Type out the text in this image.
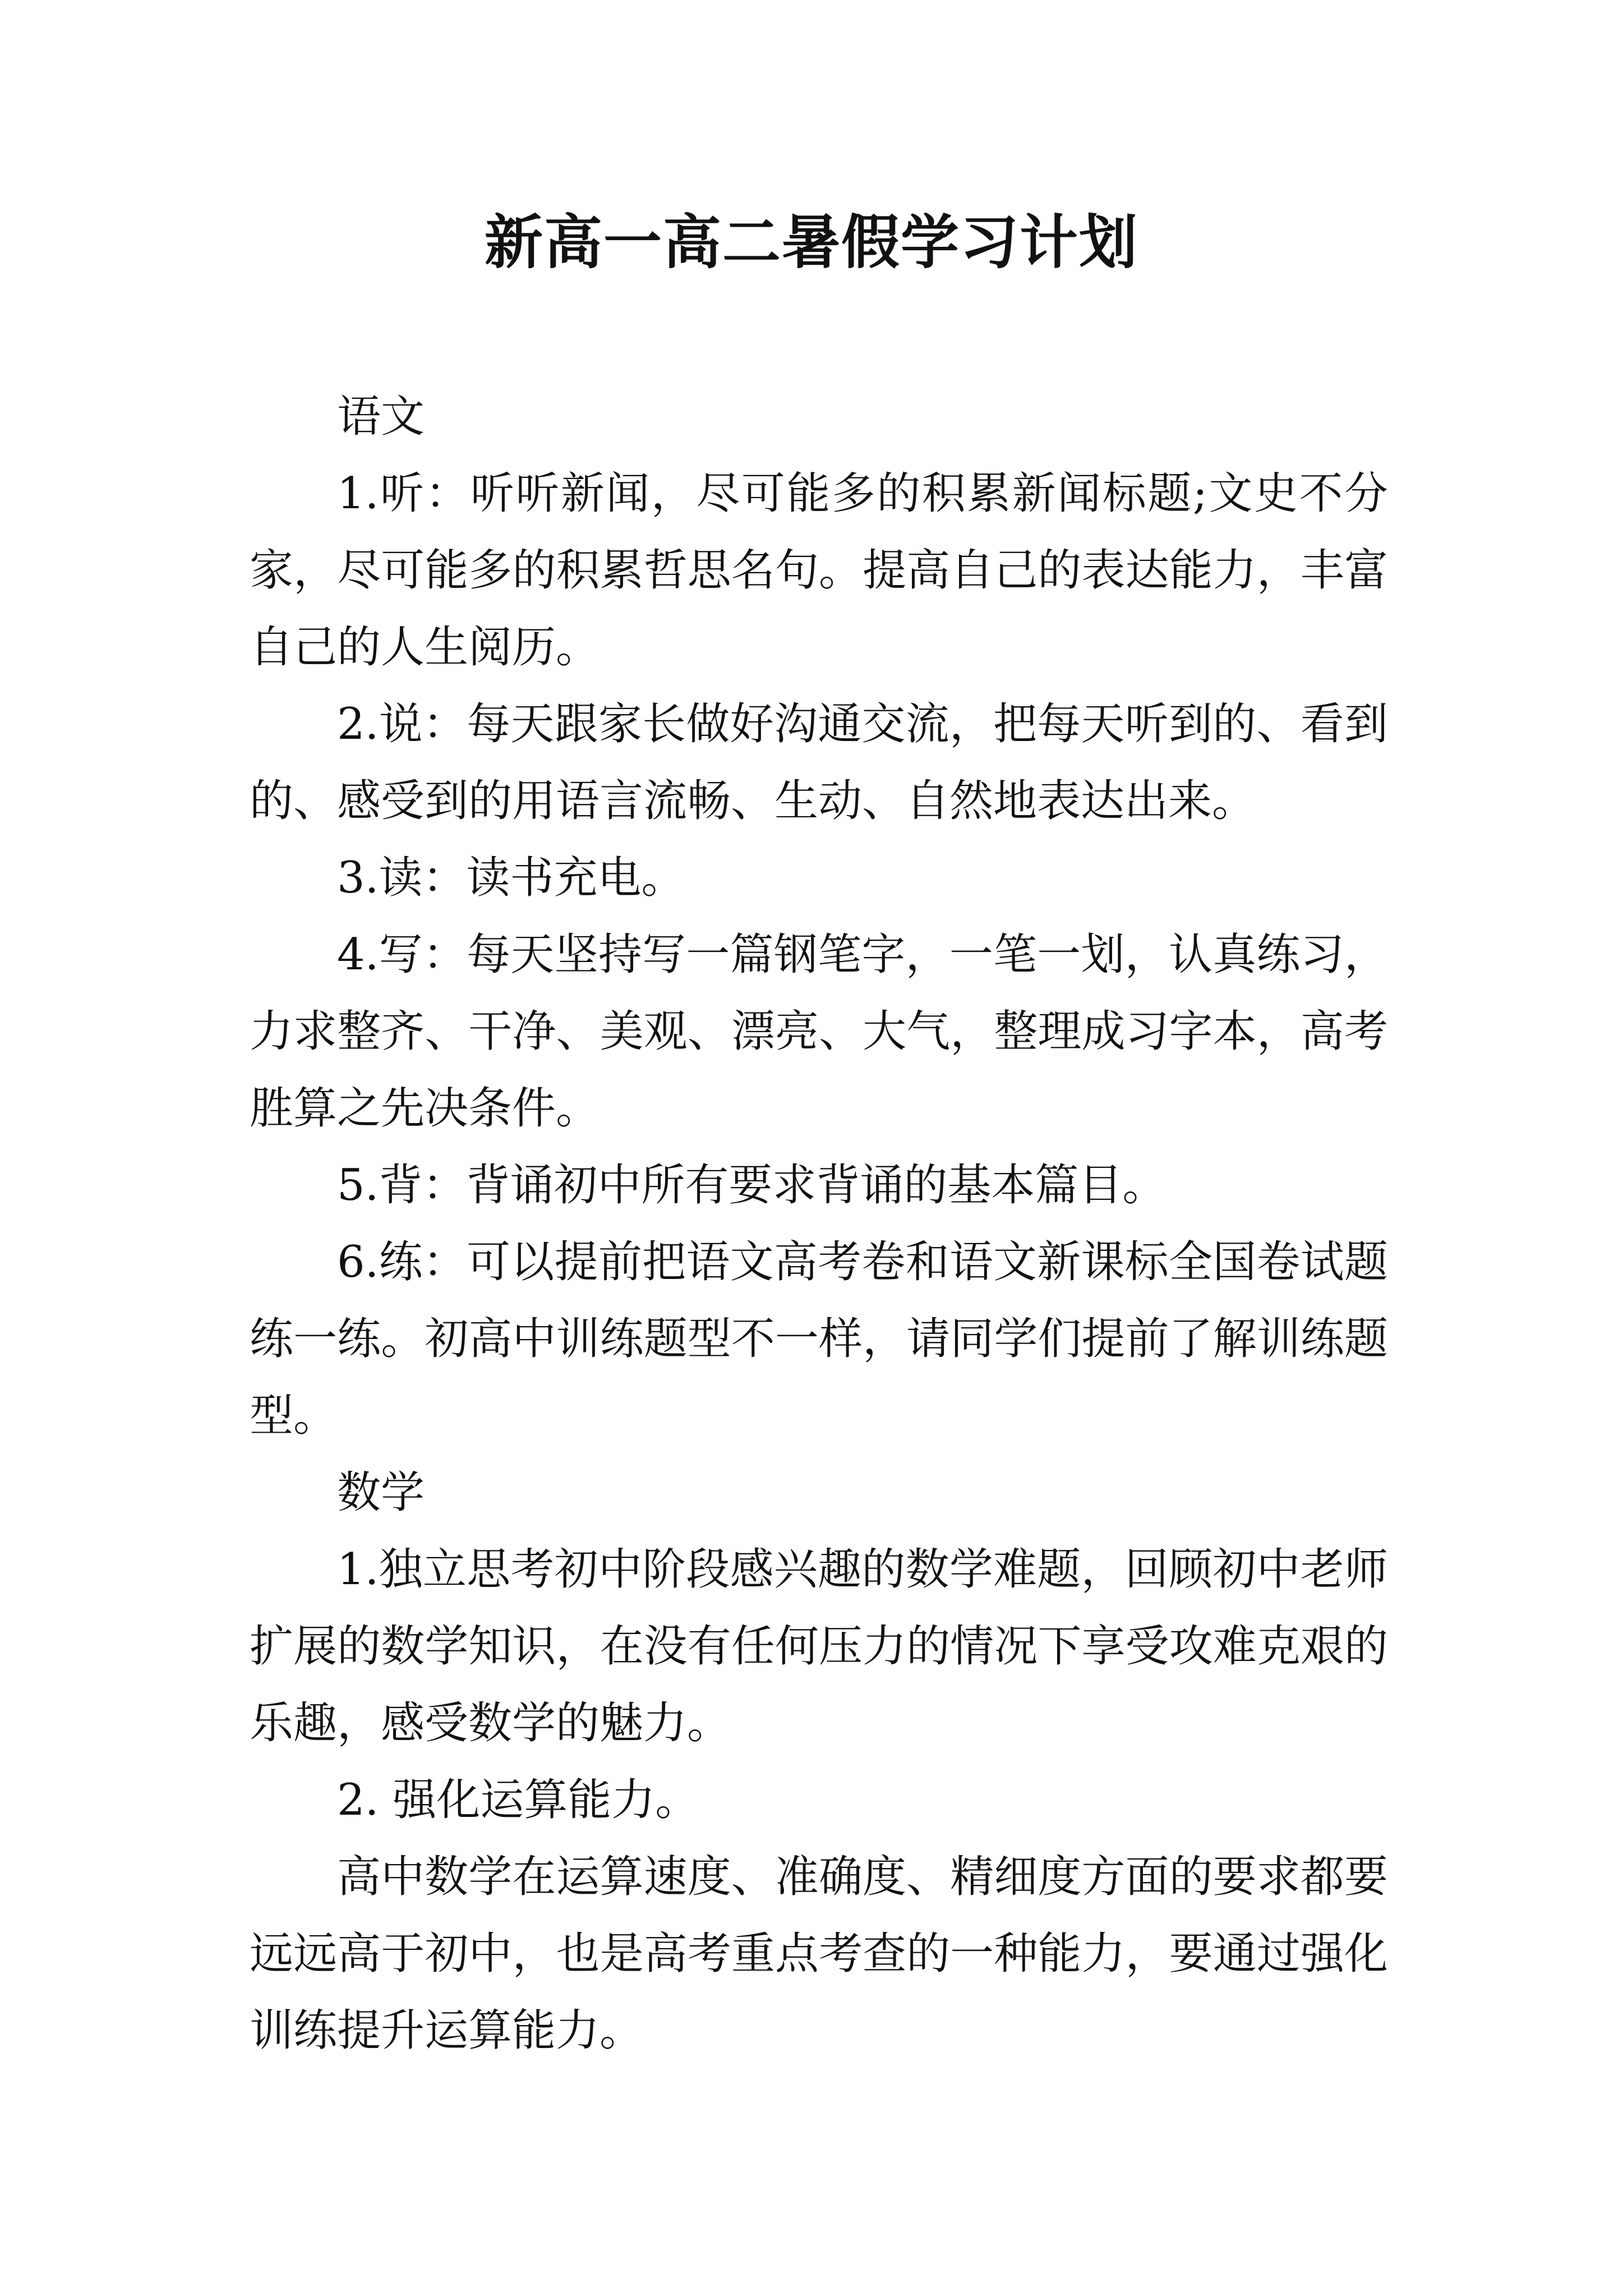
新高一高二暑假学习计划

语文

1.听：听听新闻，尽可能多的积累新闻标题;文史不分家，尽可能多的积累哲思名句。提高自己的表达能力，丰富自己的人生阅历。

2.说：每天跟家长做好沟通交流，把每天听到的、看到的、感受到的用语言流畅、生动、自然地表达出来。

3.读：读书充电。

4.写：每天坚持写一篇钢笔字，一笔一划，认真练习，力求整齐、干净、美观、漂亮、大气，整理成习字本，高考胜算之先决条件。

5.背：背诵初中所有要求背诵的基本篇目。

6.练：可以提前把语文高考卷和语文新课标全国卷试题练一练。初高中训练题型不一样，请同学们提前了解训练题型。

数学

1.独立思考初中阶段感兴趣的数学难题，回顾初中老师扩展的数学知识，在没有任何压力的情况下享受攻难克艰的乐趣，感受数学的魅力。

2. 强化运算能力。

高中数学在运算速度、准确度、精细度方面的要求都要远远高于初中，也是高考重点考查的一种能力，要通过强化训练提升运算能力。
